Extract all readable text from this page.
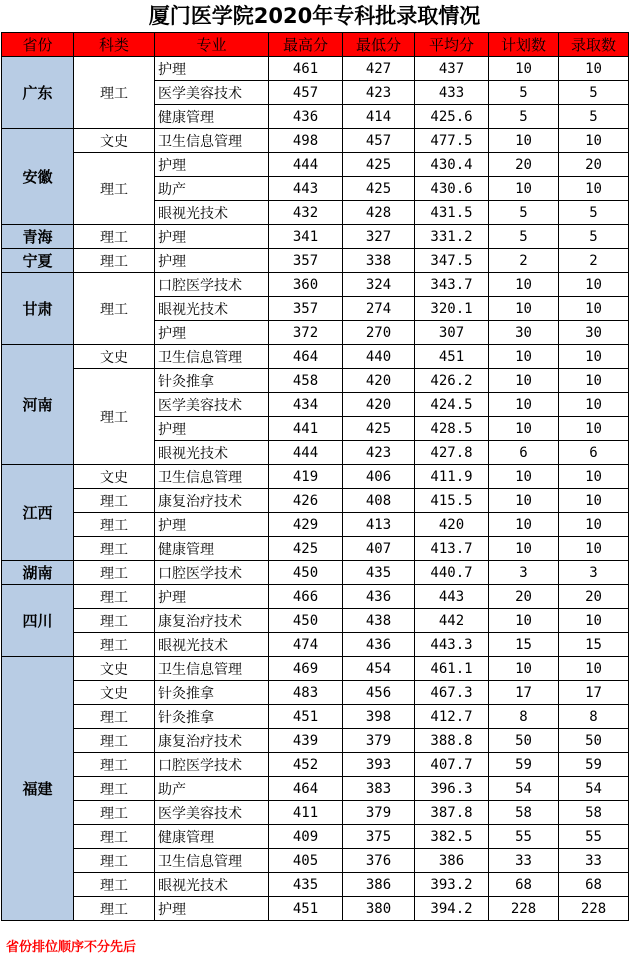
厦门医学院2020年专科批录取情况
省份	科类	专业	最高分	最低分	平均分	计划数	录取数
广东	理工	护理	461	427	437	10	10
		医学美容技术	457	423	433	5	5
		健康管理	436	414	425.6	5	5
安徽	文史	卫生信息管理	498	457	477.5	10	10
	理工	护理	444	425	430.4	20	20
		助产	443	425	430.6	10	10
		眼视光技术	432	428	431.5	5	5
青海	理工	护理	341	327	331.2	5	5
宁夏	理工	护理	357	338	347.5	2	2
甘肃	理工	口腔医学技术	360	324	343.7	10	10
		眼视光技术	357	274	320.1	10	10
		护理	372	270	307	30	30
河南	文史	卫生信息管理	464	440	451	10	10
	理工	针灸推拿	458	420	426.2	10	10
		医学美容技术	434	420	424.5	10	10
		护理	441	425	428.5	10	10
		眼视光技术	444	423	427.8	6	6
江西	文史	卫生信息管理	419	406	411.9	10	10
	理工	康复治疗技术	426	408	415.5	10	10
	理工	护理	429	413	420	10	10
	理工	健康管理	425	407	413.7	10	10
湖南	理工	口腔医学技术	450	435	440.7	3	3
四川	理工	护理	466	436	443	20	20
	理工	康复治疗技术	450	438	442	10	10
	理工	眼视光技术	474	436	443.3	15	15
福建	文史	卫生信息管理	469	454	461.1	10	10
	文史	针灸推拿	483	456	467.3	17	17
	理工	针灸推拿	451	398	412.7	8	8
	理工	康复治疗技术	439	379	388.8	50	50
	理工	口腔医学技术	452	393	407.7	59	59
	理工	助产	464	383	396.3	54	54
	理工	医学美容技术	411	379	387.8	58	58
	理工	健康管理	409	375	382.5	55	55
	理工	卫生信息管理	405	376	386	33	33
	理工	眼视光技术	435	386	393.2	68	68
	理工	护理	451	380	394.2	228	228
省份排位顺序不分先后
